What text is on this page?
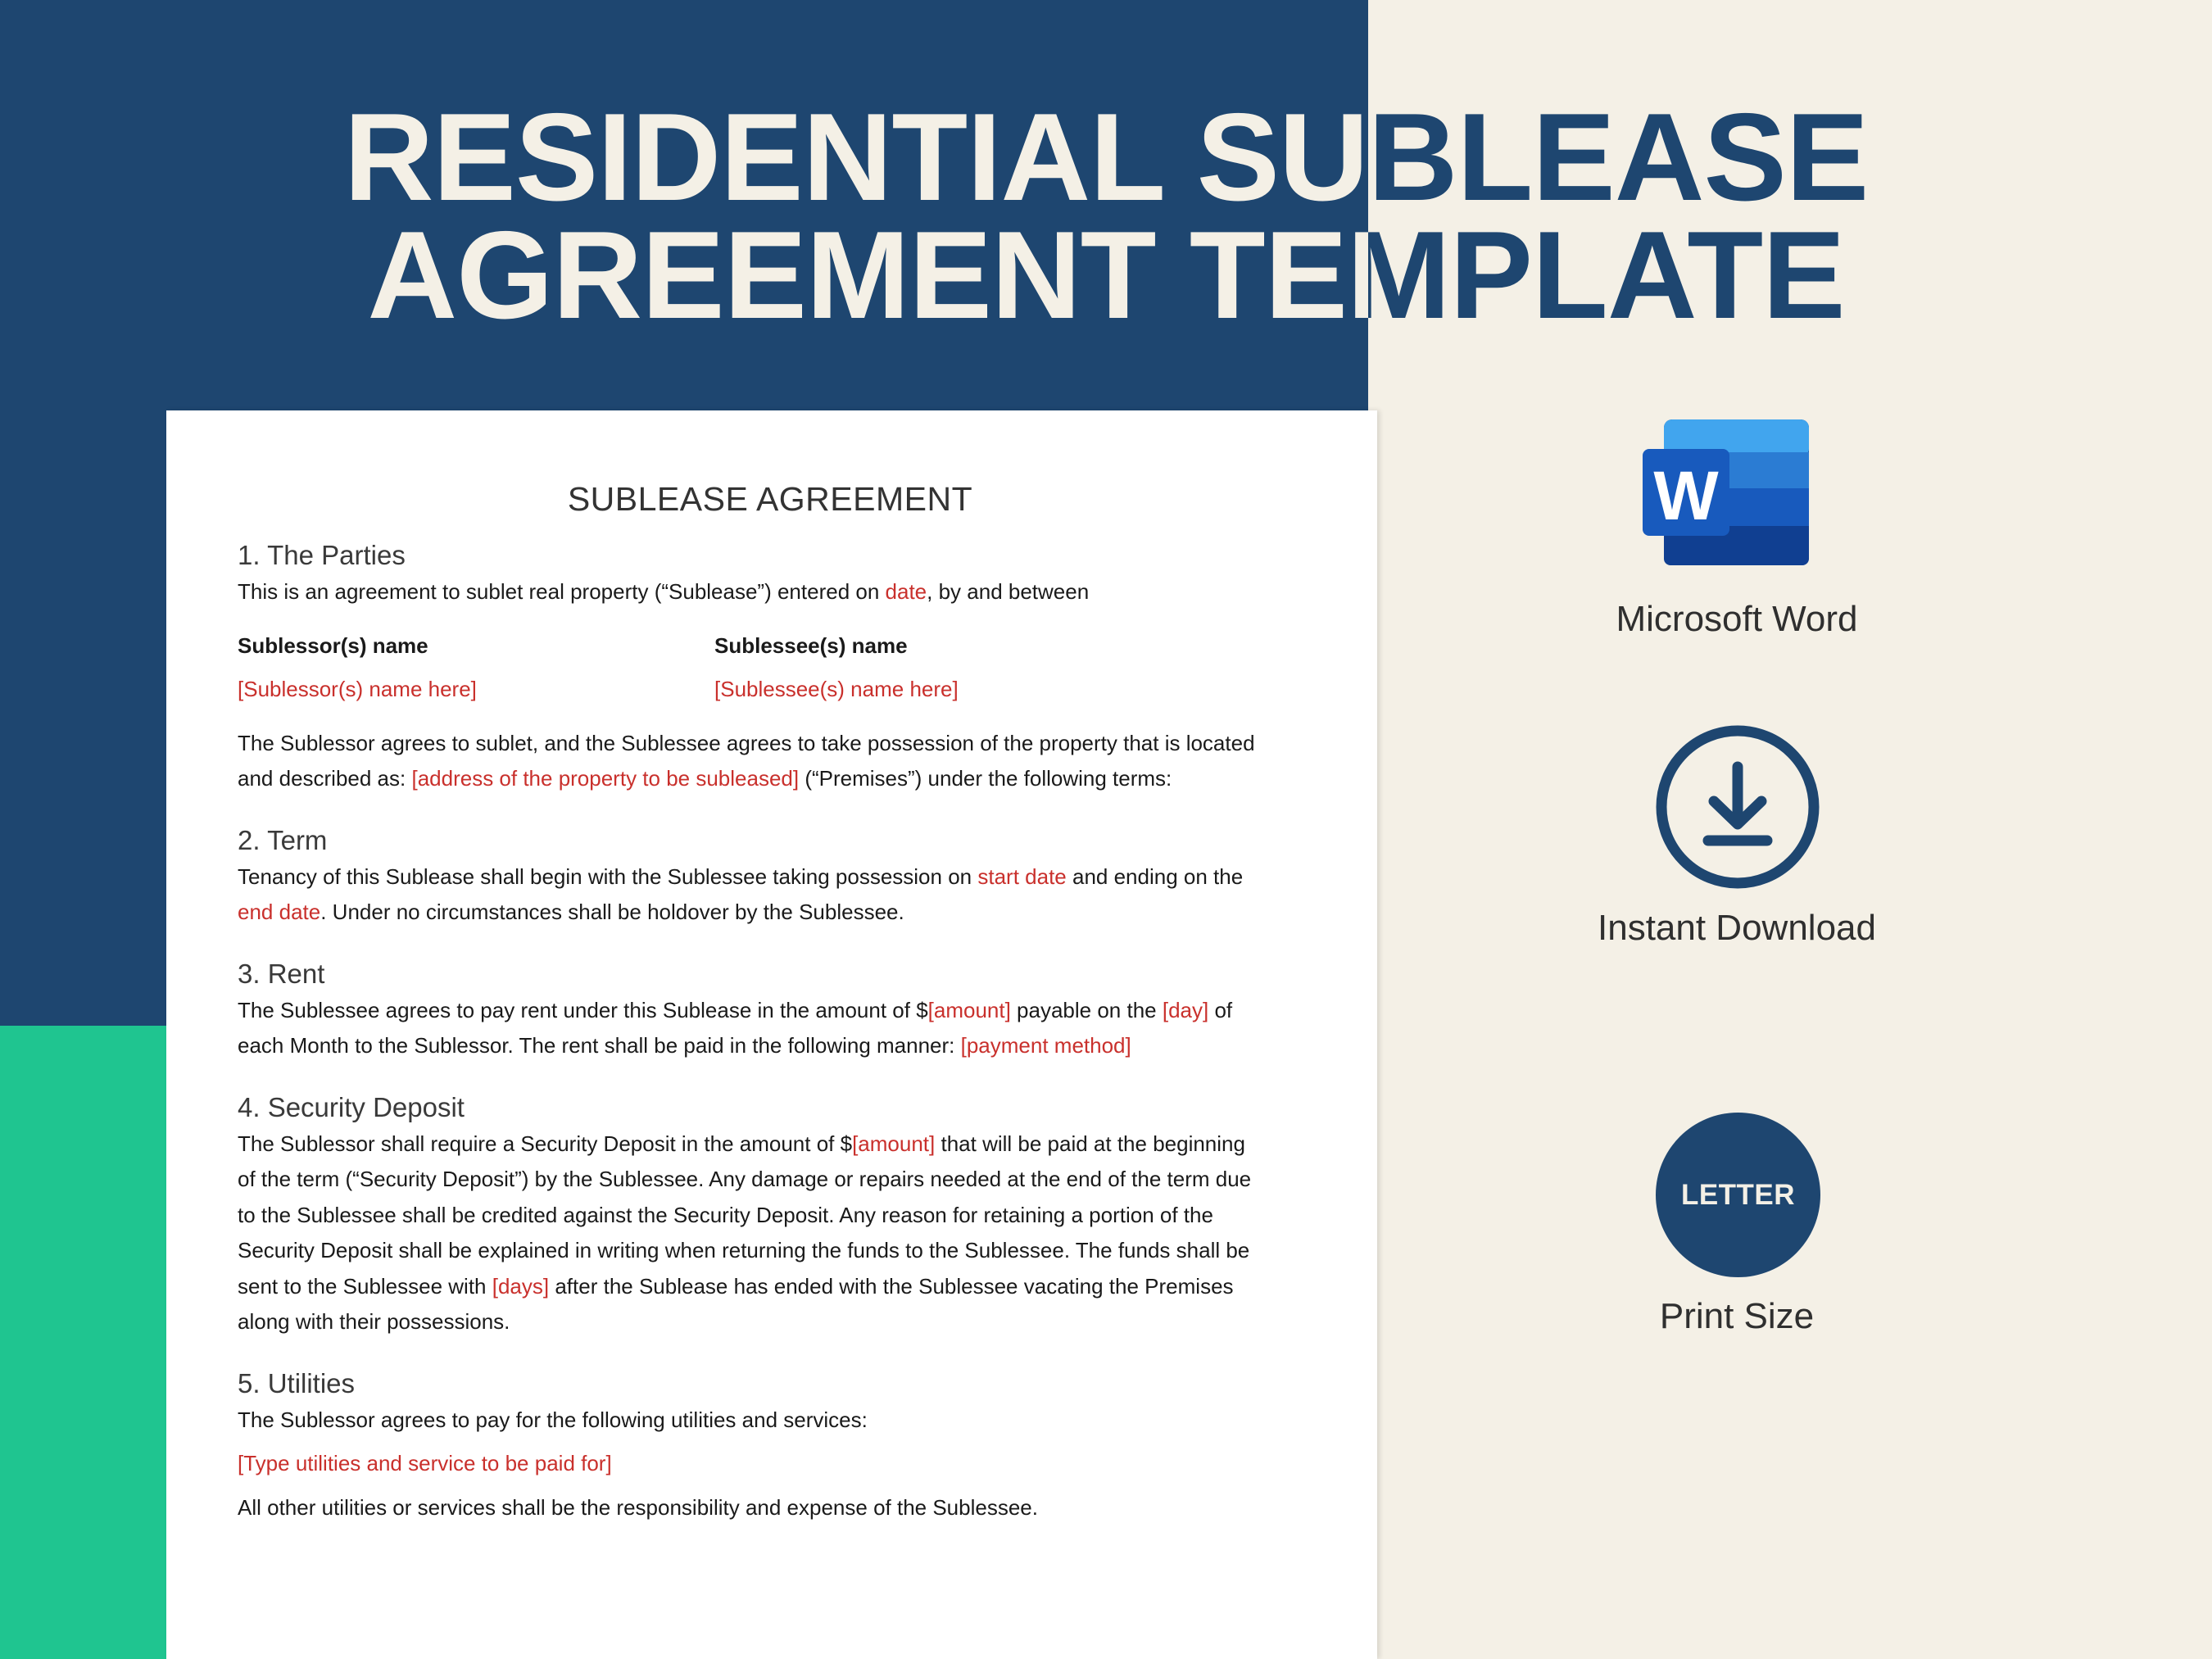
RESIDENTIAL SUBLEASE
AGREEMENT TEMPLATE
SUBLEASE AGREEMENT
1. The Parties

This is an agreement to sublet real property (“Sublease”) entered on date, by and between

Sublessor(s) name	Sublessee(s) name
[Sublessor(s) name here]	[Sublessee(s) name here]

The Sublessor agrees to sublet, and the Sublessee agrees to take possession of the property that is located
and described as: [address of the property to be subleased] (“Premises”) under the following terms:

2. Term

Tenancy of this Sublease shall begin with the Sublessee taking possession on start date and ending on the
end date. Under no circumstances shall be holdover by the Sublessee.

3. Rent

The Sublessee agrees to pay rent under this Sublease in the amount of $[amount] payable on the [day] of
each Month to the Sublessor. The rent shall be paid in the following manner: [payment method]

4. Security Deposit

The Sublessor shall require a Security Deposit in the amount of $[amount] that will be paid at the beginning
of the term (“Security Deposit”) by the Sublessee. Any damage or repairs needed at the end of the term due
to the Sublessee shall be credited against the Security Deposit. Any reason for retaining a portion of the
Security Deposit shall be explained in writing when returning the funds to the Sublessee. The funds shall be
sent to the Sublessee with [days] after the Sublease has ended with the Sublessee vacating the Premises
along with their possessions.

5. Utilities

The Sublessor agrees to pay for the following utilities and services:

[Type utilities and service to be paid for]

All other utilities or services shall be the responsibility and expense of the Sublessee.

W
Microsoft Word
Instant Download
LETTER
Print Size
